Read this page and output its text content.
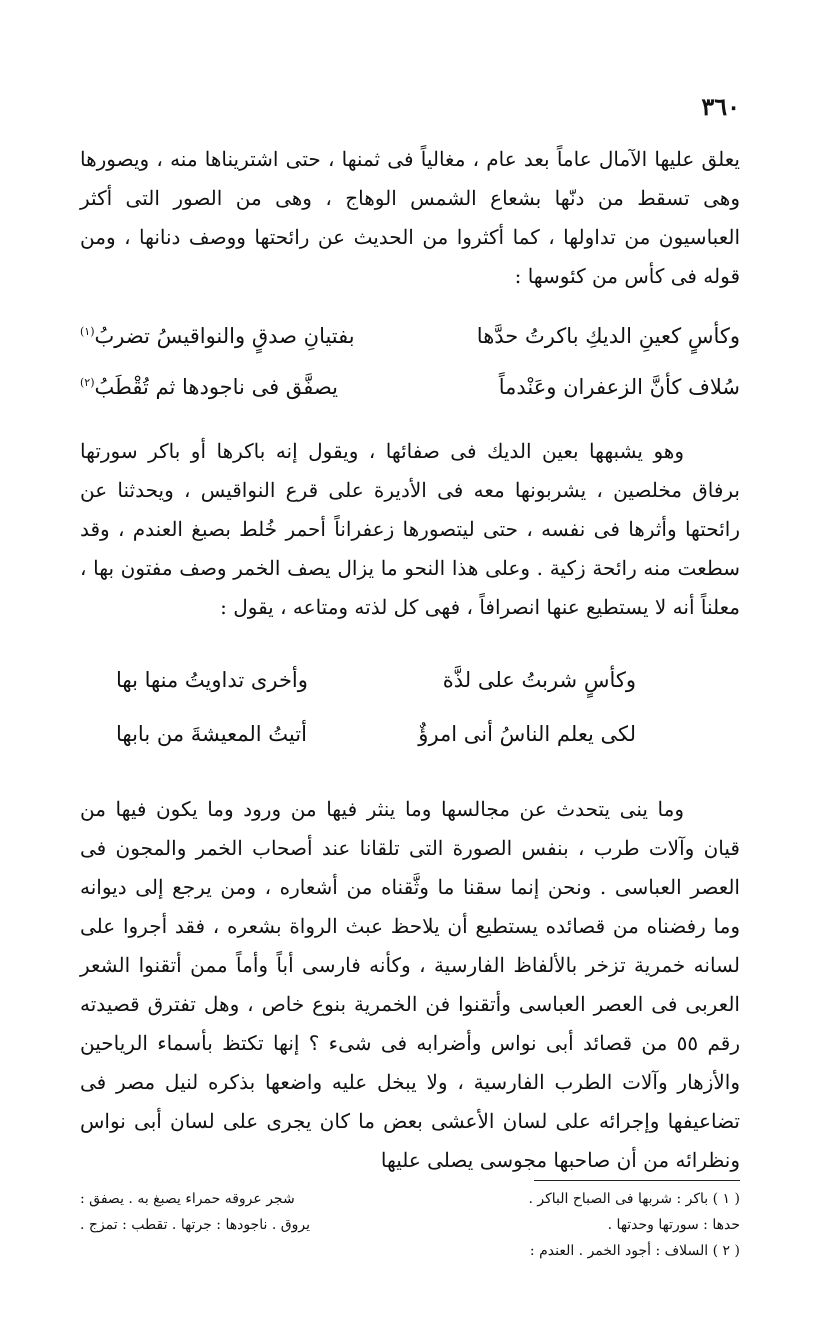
٣٦٠

يعلق عليها الآمال عاماً بعد عام ، مغالياً فى ثمنها ، حتى اشتريناها منه ، ويصورها وهى تسقط من دنّها بشعاع الشمس الوهاج ، وهى من الصور التى أكثر العباسيون من تداولها ، كما أكثروا من الحديث عن رائحتها ووصف دنانها ، ومن قوله فى كأس من كئوسها :

وكأسٍ كعينِ الديكِ باكرتُ حدَّها
بفتيانِ صدقٍ والنواقيسُ تضربُ$^{(١)}$
سُلاف كأنَّ الزعفران وعَنْدماً
يصفَّق فى ناجودها ثم تُقْطَبُ$^{(٢)}$

وهو يشبهها بعين الديك فى صفائها ، ويقول إنه باكرها أو باكر سورتها برفاق مخلصين ، يشربونها معه فى الأديرة على قرع النواقيس ، ويحدثنا عن رائحتها وأثرها فى نفسه ، حتى ليتصورها زعفراناً أحمر خُلط بصبغ العندم ، وقد سطعت منه رائحة زكية . وعلى هذا النحو ما يزال يصف الخمر وصف مفتون بها ، معلناً أنه لا يستطيع عنها انصرافاً ، فهى كل لذته ومتاعه ، يقول :

وكأسٍ شربتُ على لذَّة
وأخرى تداويتُ منها بها
لكى يعلم الناسُ أنى امرؤٌ
أتيتُ المعيشةَ من بابها

وما ينى يتحدث عن مجالسها وما ينثر فيها من ورود وما يكون فيها من قيان وآلات طرب ، بنفس الصورة التى تلقانا عند أصحاب الخمر والمجون فى العصر العباسى . ونحن إنما سقنا ما وثَّقناه من أشعاره ، ومن يرجع إلى ديوانه وما رفضناه من قصائده يستطيع أن يلاحظ عبث الرواة بشعره ، فقد أجروا على لسانه خمرية تزخر بالألفاظ الفارسية ، وكأنه فارسى أباً وأماً ممن أتقنوا الشعر العربى فى العصر العباسى وأتقنوا فن الخمرية بنوع خاص ، وهل تفترق قصيدته رقم ٥٥ من قصائد أبى نواس وأضرابه فى شىء ؟ إنها تكتظ بأسماء الرياحين والأزهار وآلات الطرب الفارسية ، ولا يبخل عليه واضعها بذكره لنيل مصر فى تضاعيفها وإجرائه على لسان الأعشى بعض ما كان يجرى على لسان أبى نواس ونظرائه من أن صاحبها مجوسى يصلى عليها

( ١ ) باكر : شربها فى الصباح الباكر .
شجر عروقه حمراء يصبغ به . يصفق :
حدها : سورتها وحدتها .
يروق . ناجودها : جرتها . تقطب : تمزج .
( ٢ ) السلاف : أجود الخمر . العندم :
